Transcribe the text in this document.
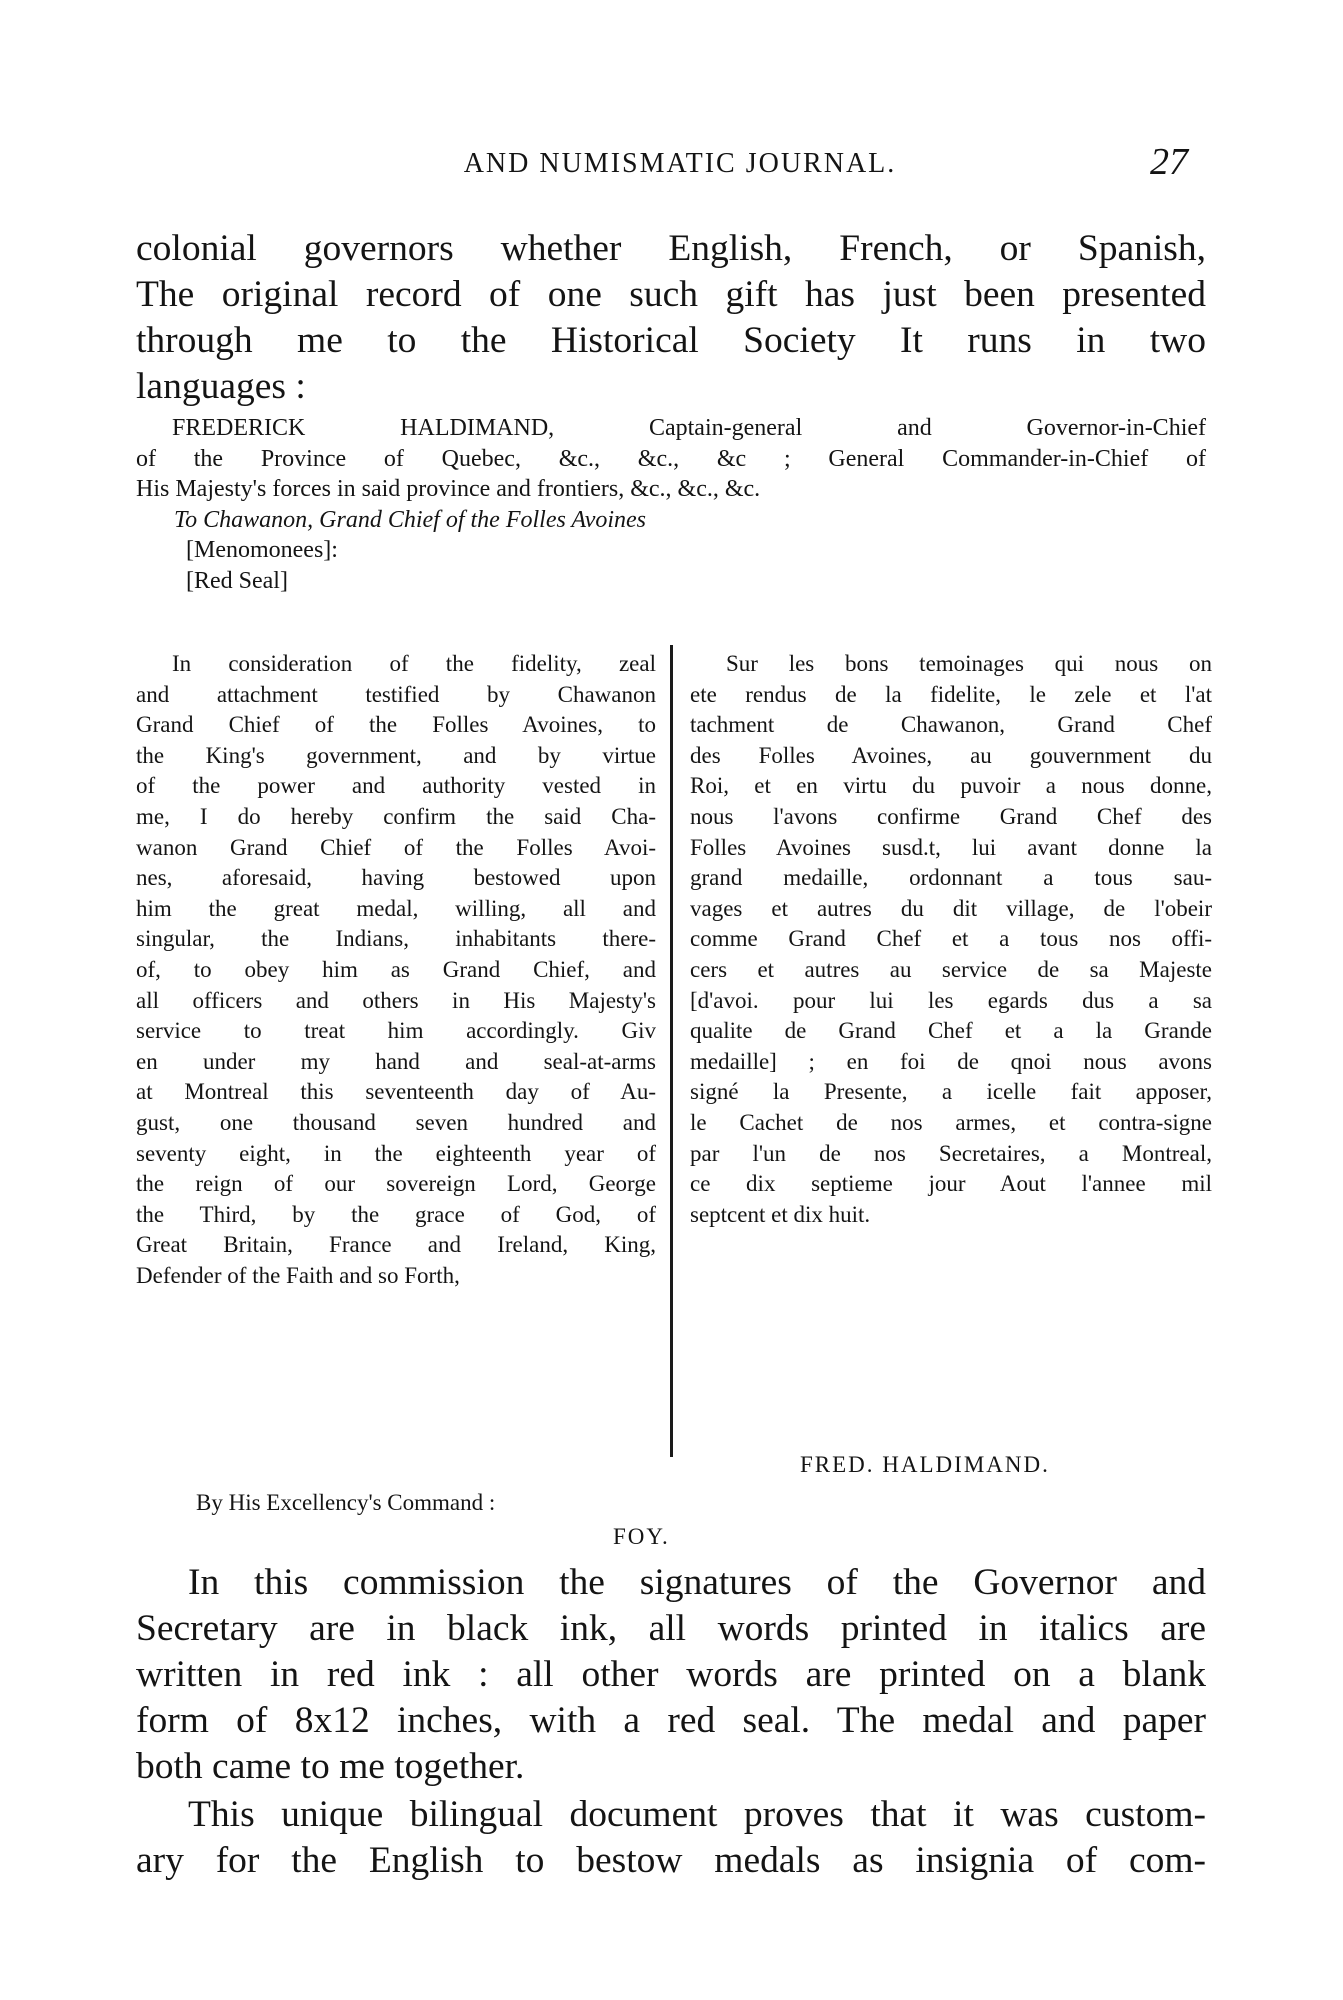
AND NUMISMATIC JOURNAL.	27
colonial governors whether English, French, or Spanish,
The original record of one such gift has just been presented
through me to the Historical Society It runs in two
languages :
FREDERICK HALDIMAND, Captain-general and Governor-in-Chief
of the Province of Quebec, &c., &c., &c ; General Commander-in-Chief of
His Majesty's forces in said province and frontiers, &c., &c., &c.
To Chawanon, Grand Chief of the Folles Avoines
[Menomonees]:
[Red Seal]
In consideration of the fidelity, zeal
and attachment testified by Chawanon
Grand Chief of the Folles Avoines, to
the King's government, and by virtue
of the power and authority vested in
me, I do hereby confirm the said Cha-
wanon Grand Chief of the Folles Avoi-
nes, aforesaid, having bestowed upon
him the great medal, willing, all and
singular, the Indians, inhabitants there-
of, to obey him as Grand Chief, and
all officers and others in His Majesty's
service to treat him accordingly. Giv
en under my hand and seal-at-arms
at Montreal this seventeenth day of Au-
gust, one thousand seven hundred and
seventy eight, in the eighteenth year of
the reign of our sovereign Lord, George
the Third, by the grace of God, of
Great Britain, France and Ireland, King,
Defender of the Faith and so Forth,
Sur les bons temoinages qui nous on
ete rendus de la fidelite, le zele et l'at
tachment de Chawanon, Grand Chef
des Folles Avoines, au gouvernment du
Roi, et en virtu du puvoir a nous donne,
nous l'avons confirme Grand Chef des
Folles Avoines susd.t, lui avant donne la
grand medaille, ordonnant a tous sau-
vages et autres du dit village, de l'obeir
comme Grand Chef et a tous nos offi-
cers et autres au service de sa Majeste
[d'avoi. pour lui les egards dus a sa
qualite de Grand Chef et a la Grande
medaille] ; en foi de qnoi nous avons
signé la Presente, a icelle fait apposer,
le Cachet de nos armes, et contra-signe
par l'un de nos Secretaires, a Montreal,
ce dix septieme jour Aout l'annee mil
septcent et dix huit.
FRED. HALDIMAND.
By His Excellency's Command :
FOY.
In this commission the signatures of the Governor and
Secretary are in black ink, all words printed in italics are
written in red ink : all other words are printed on a blank
form of 8x12 inches, with a red seal. The medal and paper
both came to me together.
This unique bilingual document proves that it was custom-
ary for the English to bestow medals as insignia of com-
